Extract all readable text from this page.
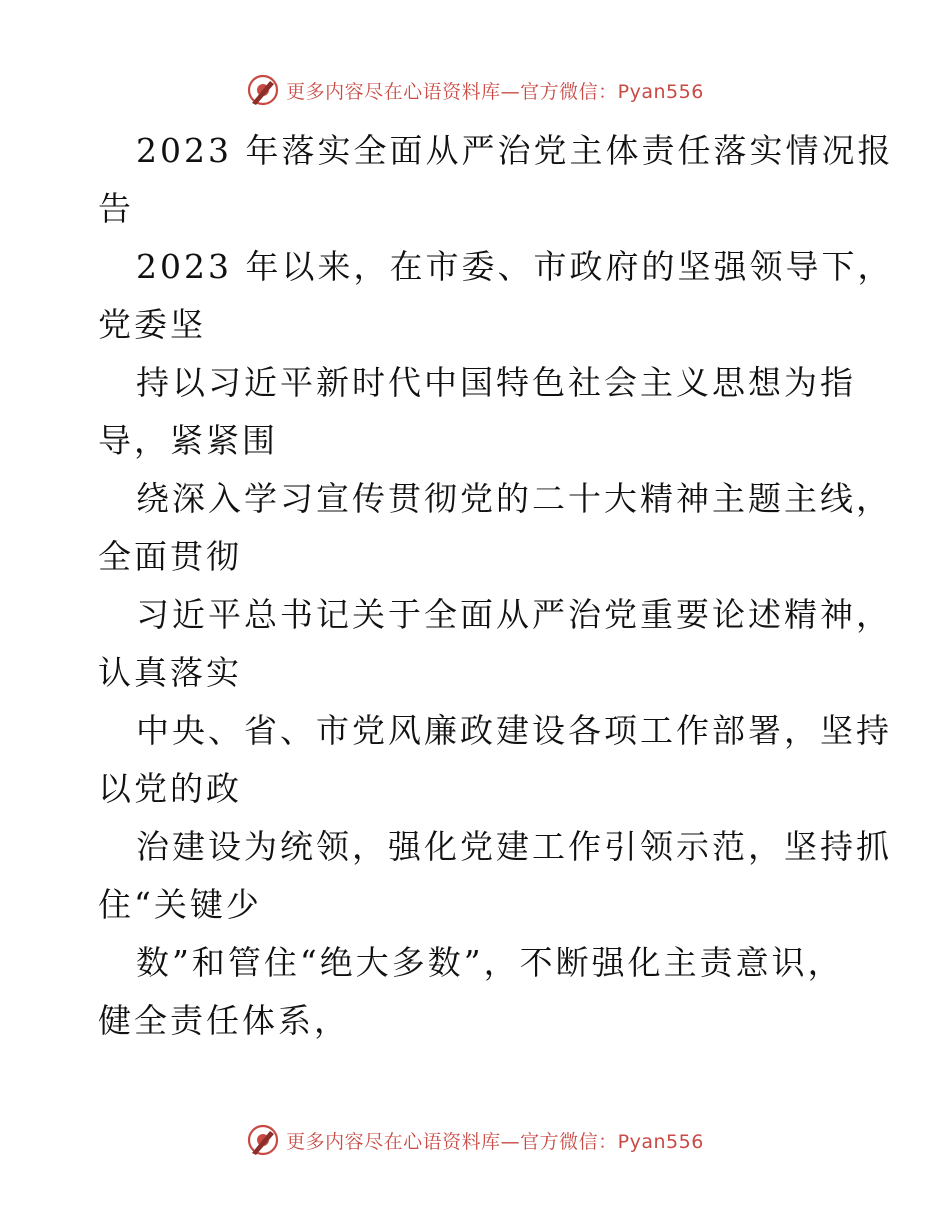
更多内容尽在心语资料库—官方微信：Pyan556
2023 年落实全面从严治党主体责任落实情况报
告
2023 年以来，在市委、市政府的坚强领导下，
党委坚
持以习近平新时代中国特色社会主义思想为指
导，紧紧围
绕深入学习宣传贯彻党的二十大精神主题主线，
全面贯彻
习近平总书记关于全面从严治党重要论述精神，
认真落实
中央、省、市党风廉政建设各项工作部署，坚持
以党的政
治建设为统领，强化党建工作引领示范，坚持抓
住“关键少
数”和管住“绝大多数”，不断强化主责意识，
健全责任体系，
更多内容尽在心语资料库—官方微信：Pyan556
